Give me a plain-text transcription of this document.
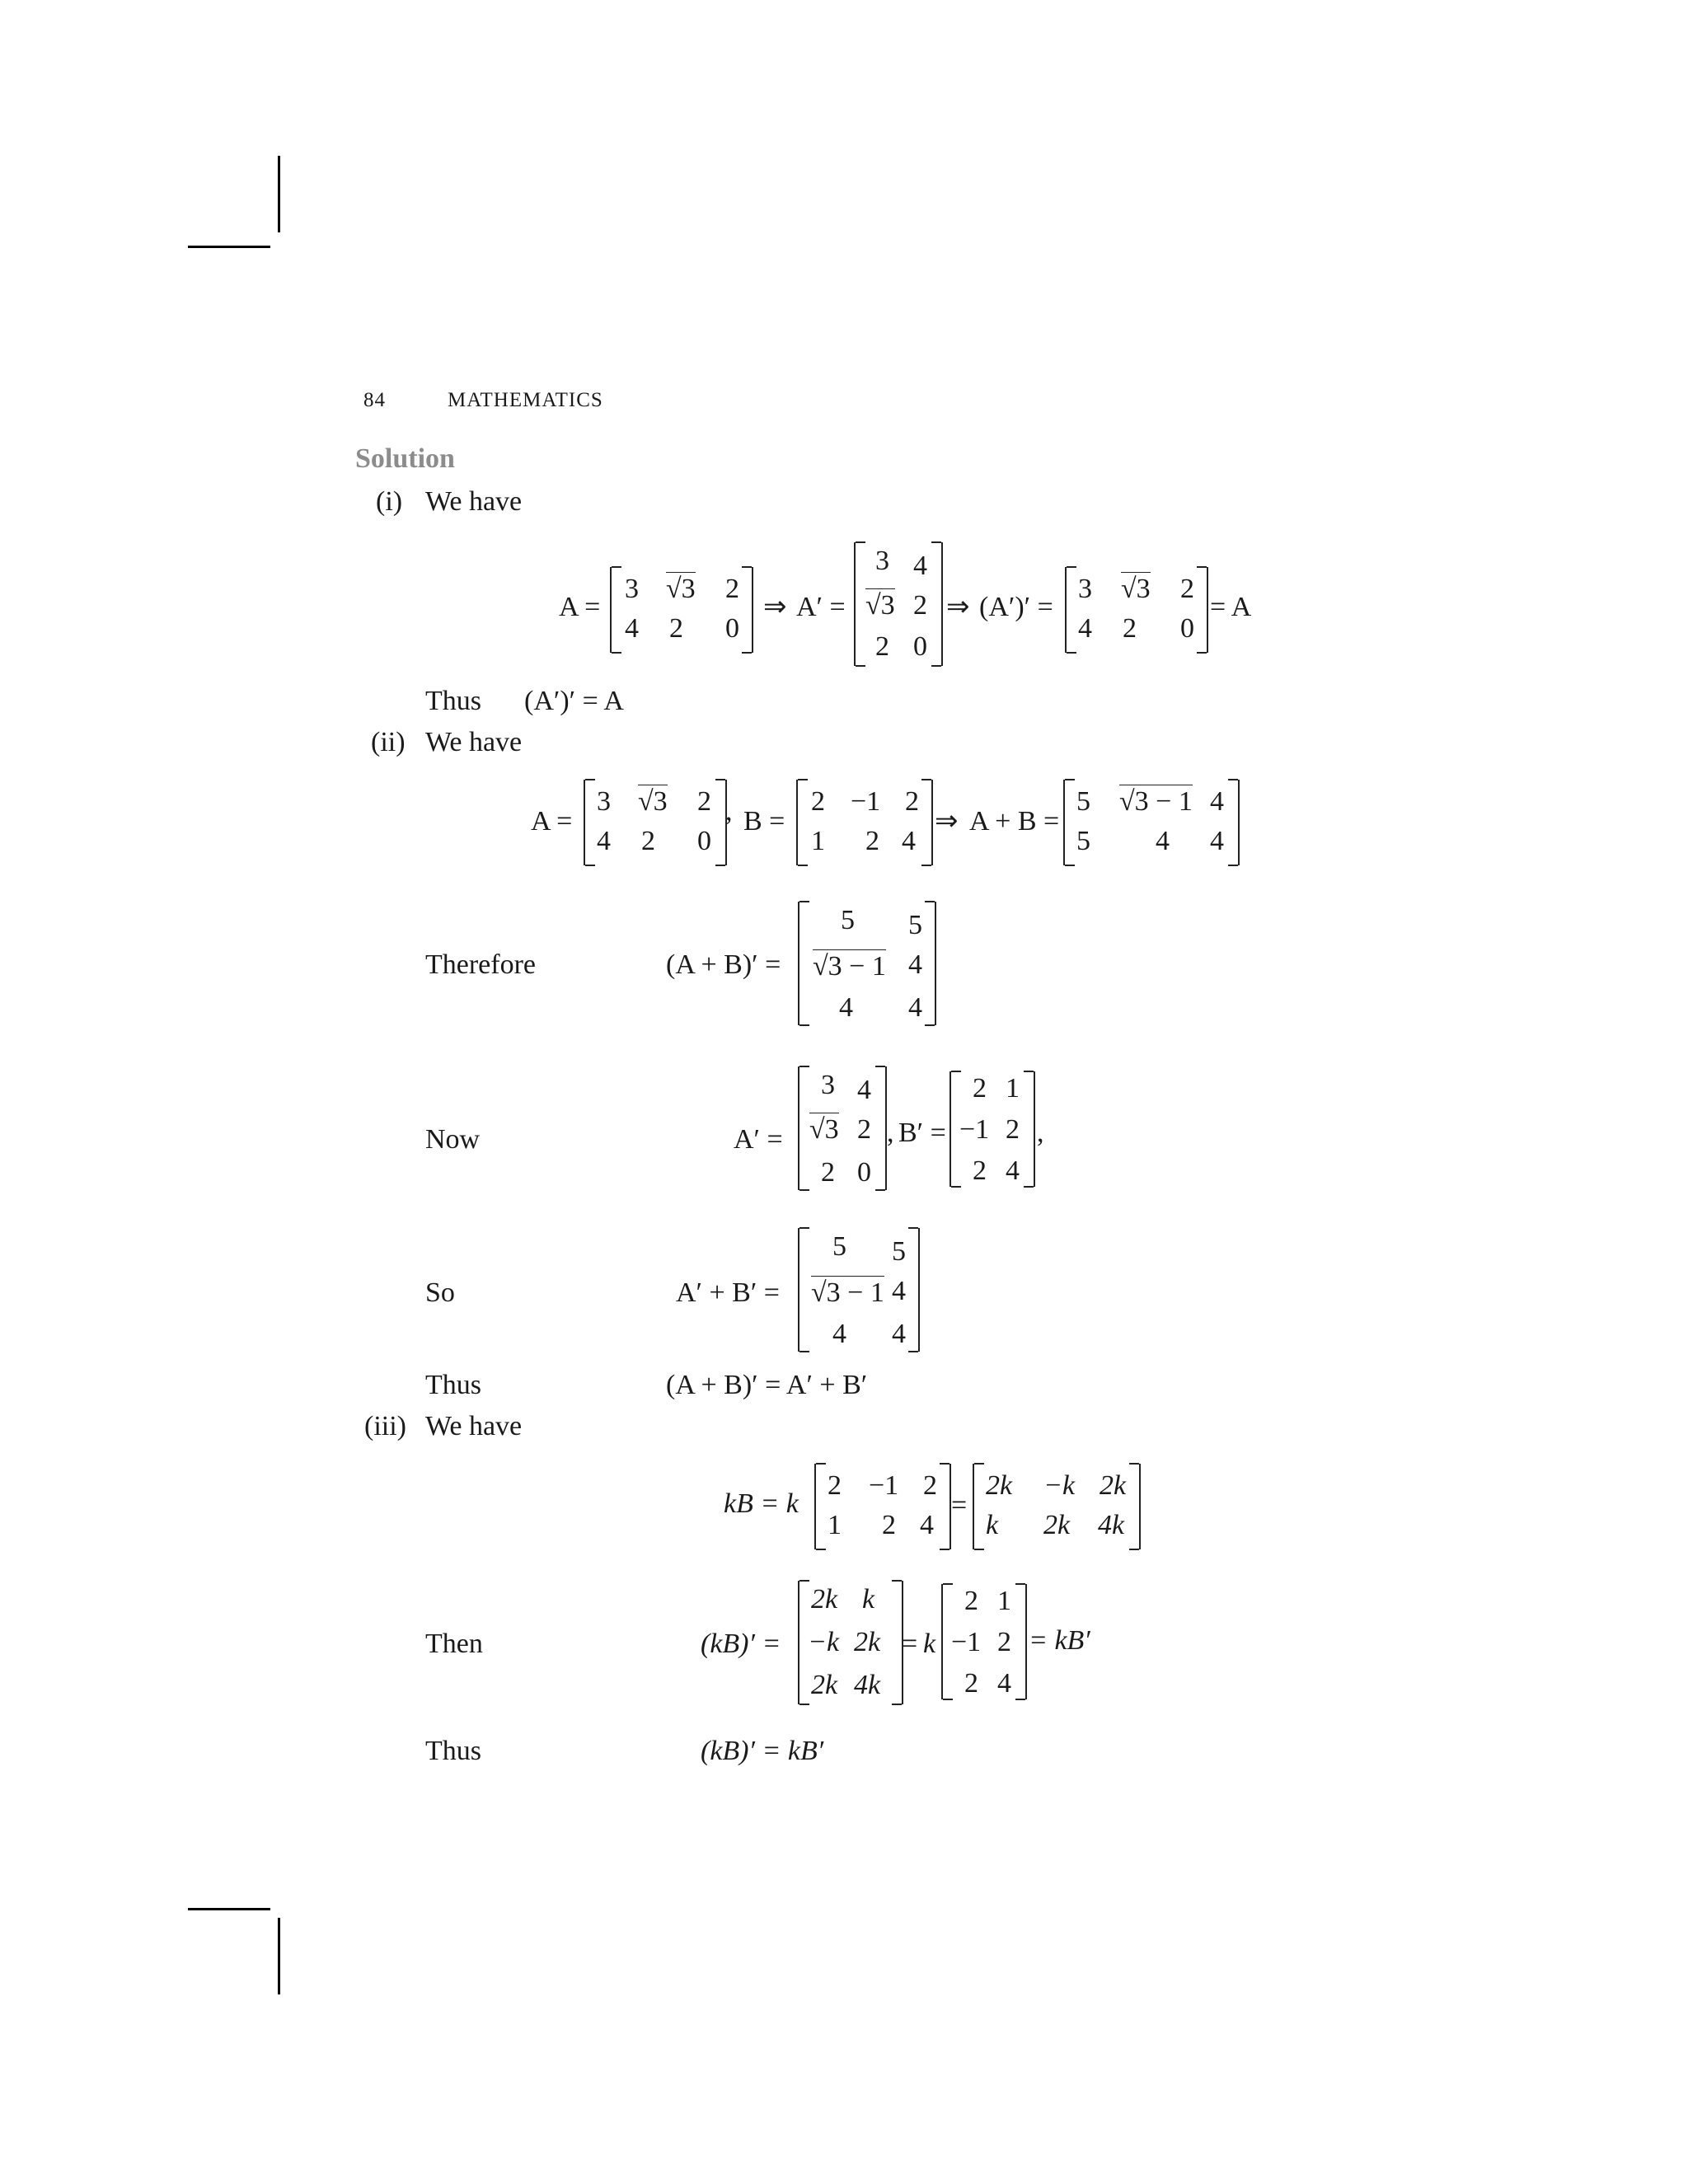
84	MATHEMATICS
Solution
(i) We have
A =
3 √3 2
4 2 0
⇒ A′ =
3 4
√3 2
2 0
⇒ (A′)′ =
3 √3 2
4 2 0
= A
Thus (A′)′ = A
(ii) We have
A =
3 √3 2
4 2 0
, B =
2 −1 2
1 2 4
⇒ A + B =
5 √3 − 1 4
5 4 4
Therefore	(A + B)′ =
5 5
√3 − 1 4
4 4
Now	A′ =
3 4
√3 2
2 0
, B′ =
2 1
−1 2
2 4
,
So	A′ + B′ =
5 5
√3 − 1 4
4 4
Thus	(A + B)′ = A′ + B′
(iii) We have
kB = k
2 −1 2
1 2 4
=
2k −k 2k
k 2k 4k
Then	(kB)′ =
2k k
−k 2k
2k 4k
= k
2 1
−1 2
2 4
= kB′
Thus	(kB)′ = kB′
